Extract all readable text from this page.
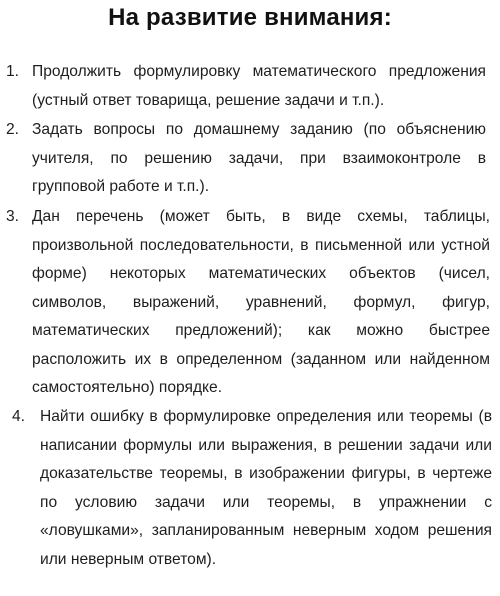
На развитие внимания:
1. Продолжить формулировку математического предложения (устный ответ товарища, решение задачи и т.п.).
2. Задать вопросы по домашнему заданию (по объяснению учителя, по решению задачи, при взаимоконтроле в групповой работе и т.п.).
3. Дан перечень (может быть, в виде схемы, таблицы, произвольной последовательности, в письменной или устной форме) некоторых математических объектов (чисел, символов, выражений, уравнений, формул, фигур, математических предложений); как можно быстрее расположить их в определенном (заданном или найденном самостоятельно) порядке.
4. Найти ошибку в формулировке определения или теоремы (в написании формулы или выражения, в решении задачи или доказательстве теоремы, в изображении фигуры, в чертеже по условию задачи или теоремы, в упражнении с «ловушками», запланированным неверным ходом решения или неверным ответом).
